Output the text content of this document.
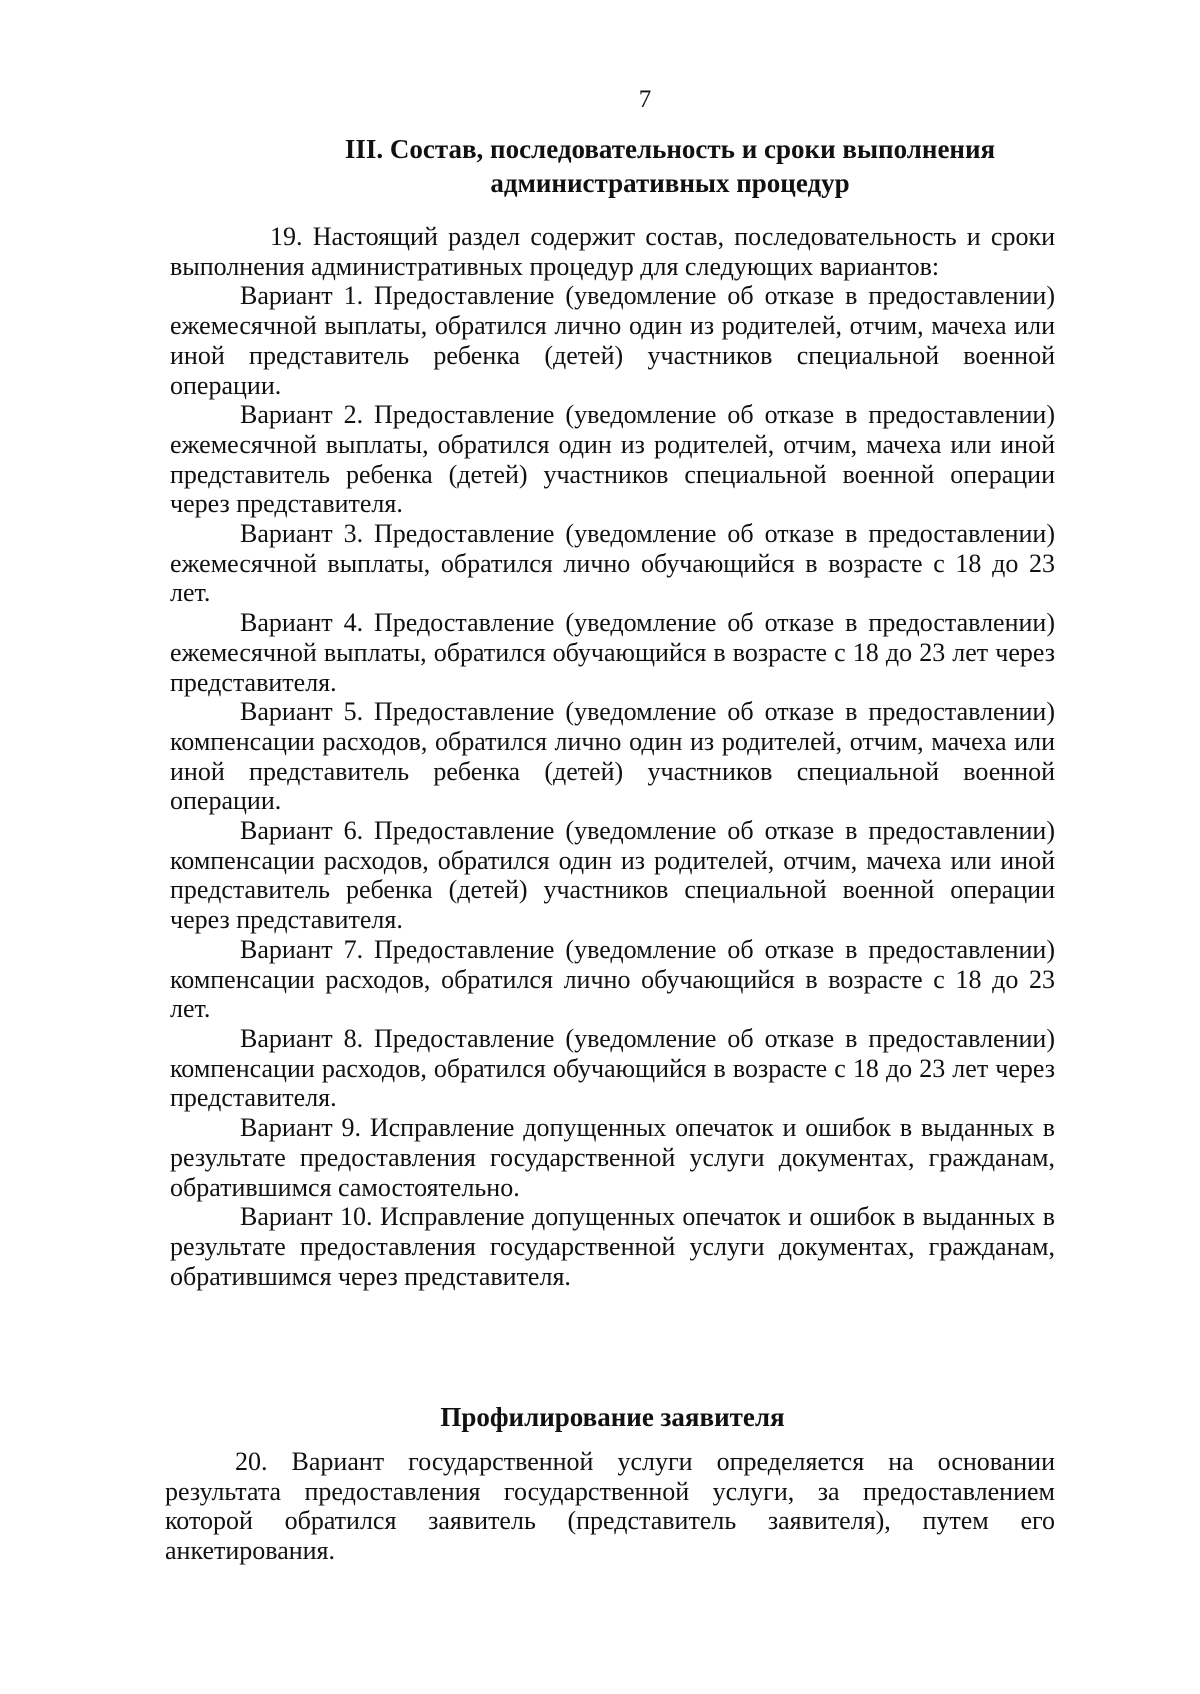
7
III. Состав, последовательность и сроки выполнения
административных процедур

19. Настоящий раздел содержит состав, последовательность и сроки выполнения административных процедур для следующих вариантов:

Вариант 1. Предоставление (уведомление об отказе в предоставлении) ежемесячной выплаты, обратился лично один из родителей, отчим, мачеха или иной представитель ребенка (детей) участников специальной военной операции.

Вариант 2. Предоставление (уведомление об отказе в предоставлении) ежемесячной выплаты, обратился один из родителей, отчим, мачеха или иной представитель ребенка (детей) участников специальной военной операции через представителя.

Вариант 3. Предоставление (уведомление об отказе в предоставлении) ежемесячной выплаты, обратился лично обучающийся в возрасте с 18 до 23 лет.

Вариант 4. Предоставление (уведомление об отказе в предоставлении) ежемесячной выплаты, обратился обучающийся в возрасте с 18 до 23 лет через представителя.

Вариант 5. Предоставление (уведомление об отказе в предоставлении) компенсации расходов, обратился лично один из родителей, отчим, мачеха или иной представитель ребенка (детей) участников специальной военной операции.

Вариант 6. Предоставление (уведомление об отказе в предоставлении) компенсации расходов, обратился один из родителей, отчим, мачеха или иной представитель ребенка (детей) участников специальной военной операции через представителя.

Вариант 7. Предоставление (уведомление об отказе в предоставлении) компенсации расходов, обратился лично обучающийся в возрасте с 18 до 23 лет.

Вариант 8. Предоставление (уведомление об отказе в предоставлении) компенсации расходов, обратился обучающийся в возрасте с 18 до 23 лет через представителя.

Вариант 9. Исправление допущенных опечаток и ошибок в выданных в результате предоставления государственной услуги документах, гражданам, обратившимся самостоятельно.

Вариант 10. Исправление допущенных опечаток и ошибок в выданных в результате предоставления государственной услуги документах, гражданам, обратившимся через представителя.

Профилирование заявителя

20. Вариант государственной услуги определяется на основании результата предоставления государственной услуги, за предоставлением которой обратился заявитель (представитель заявителя), путем его анкетирования.
